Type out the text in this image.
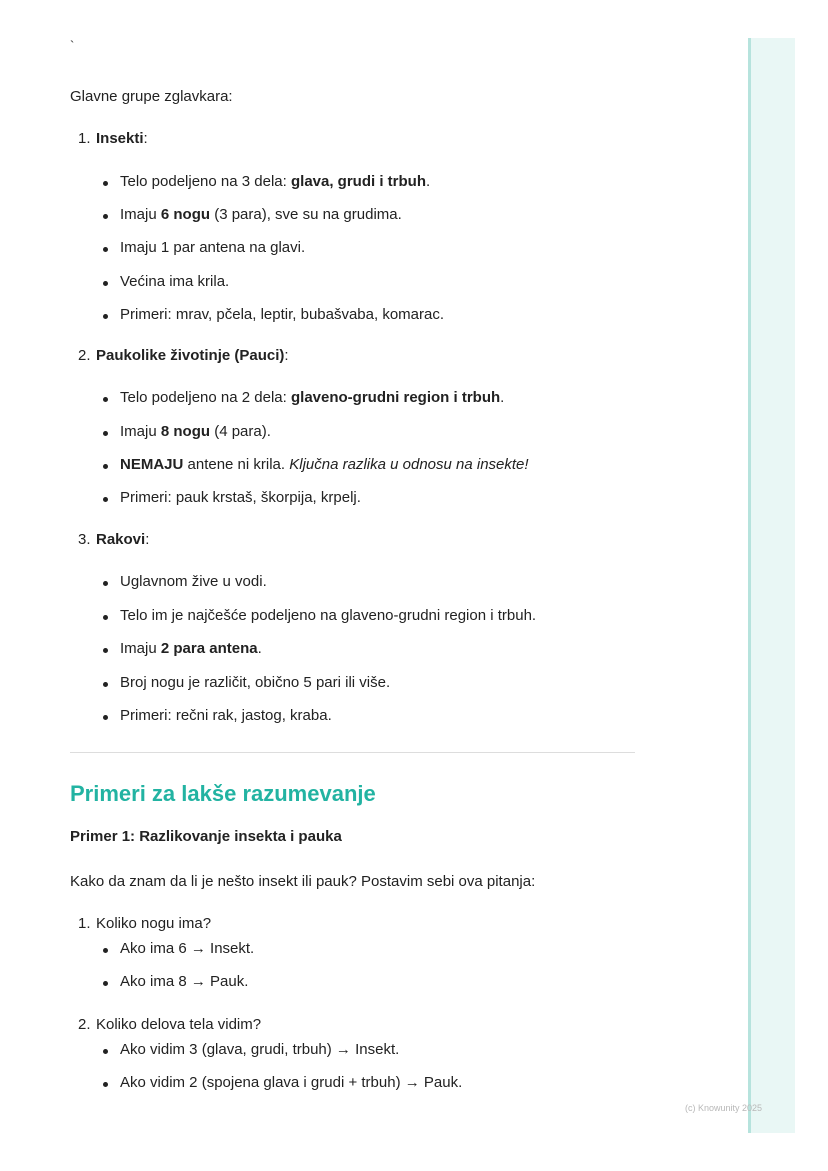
(c) Knowunity 2025
`
Glavne grupe zglavkara:
1. Insekti:
Telo podeljeno na 3 dela: glava, grudi i trbuh.
Imaju 6 nogu (3 para), sve su na grudima.
Imaju 1 par antena na glavi.
Većina ima krila.
Primeri: mrav, pčela, leptir, bubašvaba, komarac.
2. Paukolike životinje (Pauci):
Telo podeljeno na 2 dela: glaveno-grudni region i trbuh.
Imaju 8 nogu (4 para).
NEMAJU antene ni krila. Ključna razlika u odnosu na insekte!
Primeri: pauk krstaš, škorpija, krpelj.
3. Rakovi:
Uglavnom žive u vodi.
Telo im je najčešće podeljeno na glaveno-grudni region i trbuh.
Imaju 2 para antena.
Broj nogu je različit, obično 5 pari ili više.
Primeri: rečni rak, jastog, kraba.
Primeri za lakše razumevanje
Primer 1: Razlikovanje insekta i pauka
Kako da znam da li je nešto insekt ili pauk? Postavim sebi ova pitanja:
1. Koliko nogu ima?
Ako ima 6 → Insekt.
Ako ima 8 → Pauk.
2. Koliko delova tela vidim?
Ako vidim 3 (glava, grudi, trbuh) → Insekt.
Ako vidim 2 (spojena glava i grudi + trbuh) → Pauk.
